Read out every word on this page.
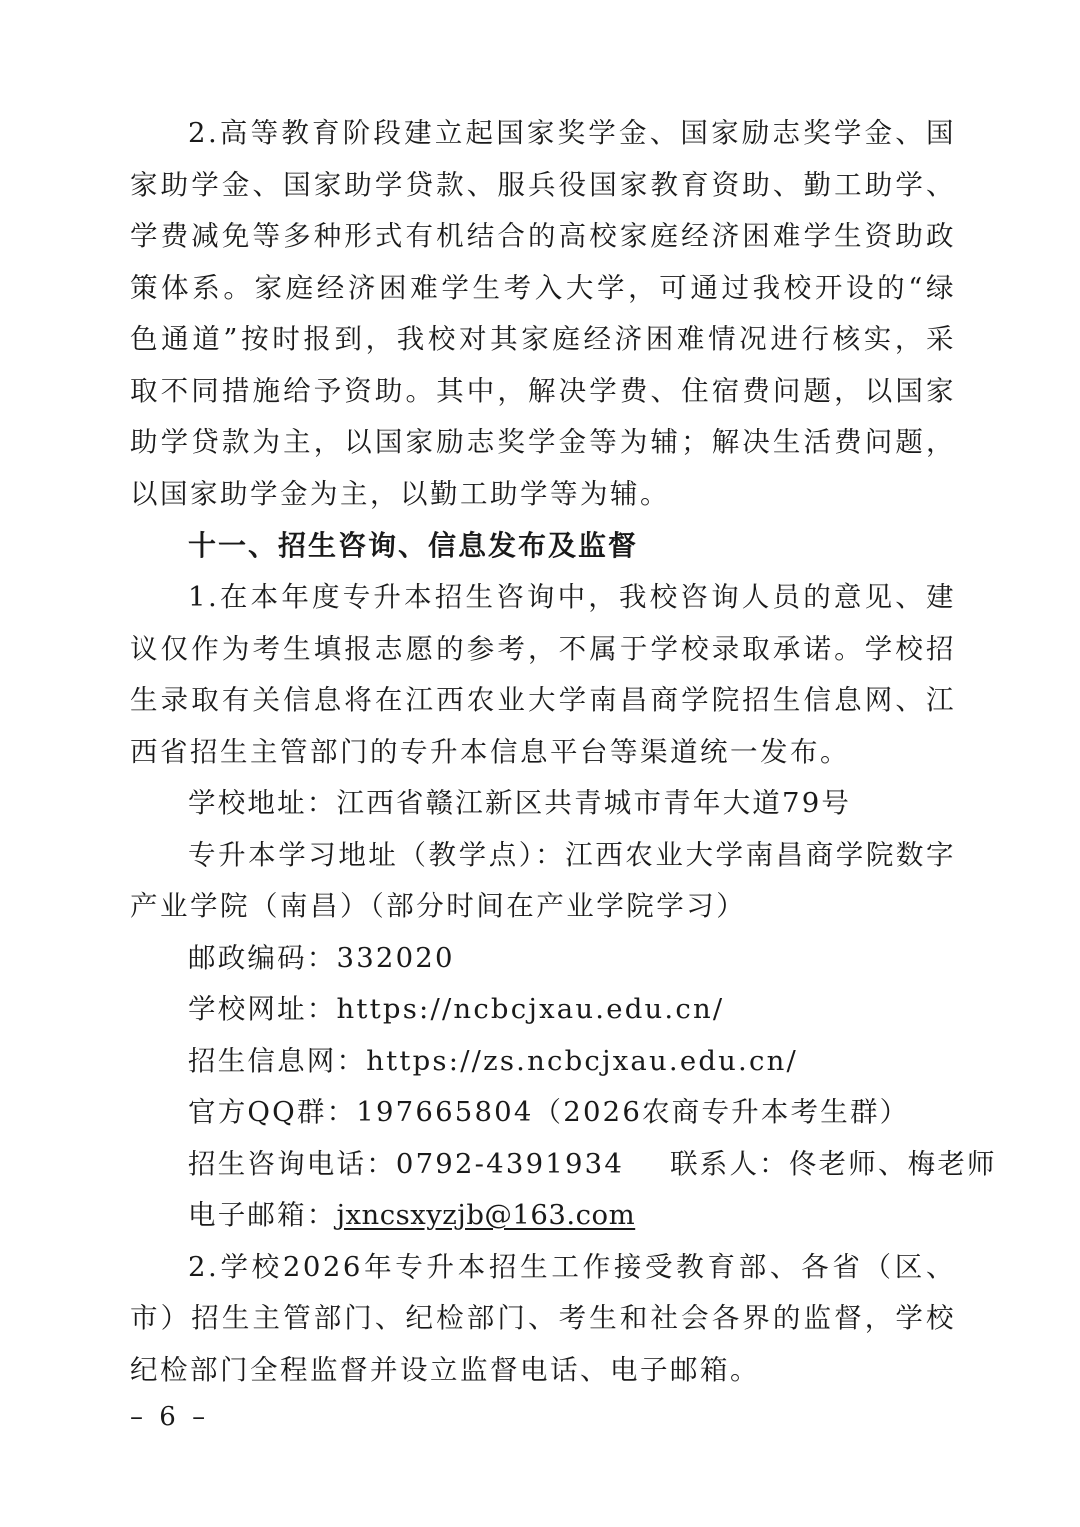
2.高等教育阶段建立起国家奖学金、国家励志奖学金、国家助学金、国家助学贷款、服兵役国家教育资助、勤工助学、学费减免等多种形式有机结合的高校家庭经济困难学生资助政策体系。家庭经济困难学生考入大学，可通过我校开设的“绿色通道”按时报到，我校对其家庭经济困难情况进行核实，采取不同措施给予资助。其中，解决学费、住宿费问题，以国家助学贷款为主，以国家励志奖学金等为辅；解决生活费问题，以国家助学金为主，以勤工助学等为辅。

十一、招生咨询、信息发布及监督

1.在本年度专升本招生咨询中，我校咨询人员的意见、建议仅作为考生填报志愿的参考，不属于学校录取承诺。学校招生录取有关信息将在江西农业大学南昌商学院招生信息网、江西省招生主管部门的专升本信息平台等渠道统一发布。

学校地址：江西省赣江新区共青城市青年大道79号

专升本学习地址（教学点）：江西农业大学南昌商学院数字产业学院（南昌）（部分时间在产业学院学习）

邮政编码：332020

学校网址：https://ncbcjxau.edu.cn/

招生信息网：https://zs.ncbcjxau.edu.cn/

官方QQ群：197665804（2026农商专升本考生群）

招生咨询电话：0792-4391934 联系人：佟老师、梅老师

电子邮箱：jxncsxyzjb@163.com

2.学校2026年专升本招生工作接受教育部、各省（区、市）招生主管部门、纪检部门、考生和社会各界的监督，学校纪检部门全程监督并设立监督电话、电子邮箱。

– 6 –
